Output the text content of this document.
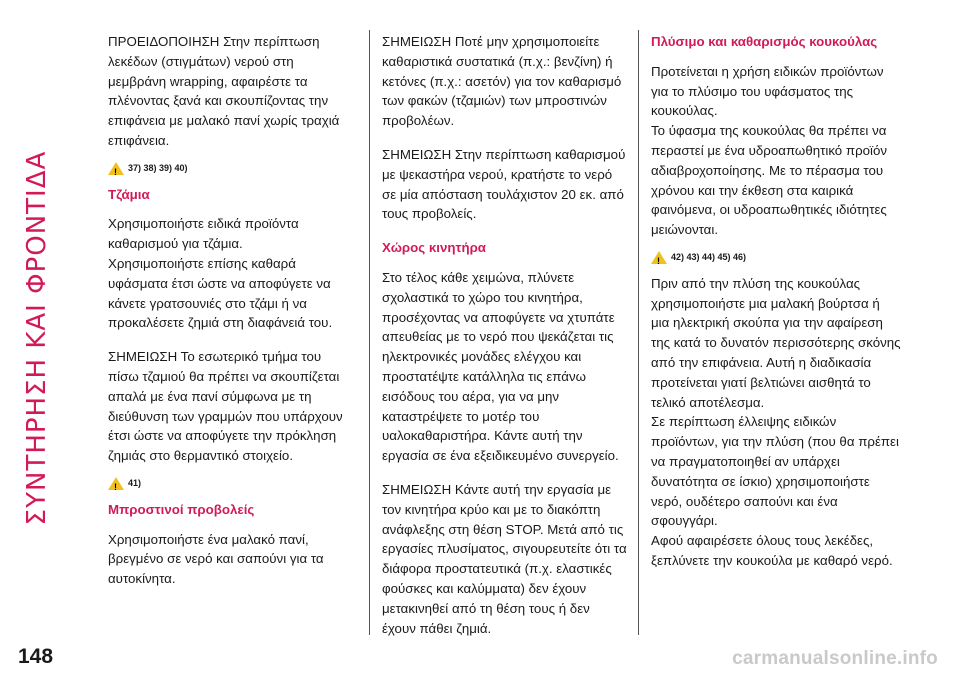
ΣΥΝΤΗΡΗΣΗ ΚΑΙ ΦΡΟΝΤΙΔΑ

ΠΡΟΕΙΔΟΠΟΙΗΣΗ Στην περίπτωση λεκέδων (στιγμάτων) νερού στη μεμβράνη wrapping, αφαιρέστε τα πλένοντας ξανά και σκουπίζοντας την επιφάνεια με μαλακό πανί χωρίς τραχιά επιφάνεια.

!
37) 38) 39) 40)
Τζάμια

Χρησιμοποιήστε ειδικά προϊόντα καθαρισμού για τζάμια.

Χρησιμοποιήστε επίσης καθαρά υφάσματα έτσι ώστε να αποφύγετε να κάνετε γρατσουνιές στο τζάμι ή να προκαλέσετε ζημιά στη διαφάνειά του.

ΣΗΜΕΙΩΣΗ Το εσωτερικό τμήμα του πίσω τζαμιού θα πρέπει να σκουπίζεται απαλά με ένα πανί σύμφωνα με τη διεύθυνση των γραμμών που υπάρχουν έτσι ώστε να αποφύγετε την πρόκληση ζημιάς στο θερμαντικό στοιχείο.

!
41)
Μπροστινοί προβολείς

Χρησιμοποιήστε ένα μαλακό πανί, βρεγμένο σε νερό και σαπούνι για τα αυτοκίνητα.

ΣΗΜΕΙΩΣΗ Ποτέ μην χρησιμοποιείτε καθαριστικά συστατικά (π.χ.: βενζίνη) ή κετόνες (π.χ.: ασετόν) για τον καθαρισμό των φακών (τζαμιών) των μπροστινών προβολέων.

ΣΗΜΕΙΩΣΗ Στην περίπτωση καθαρισμού με ψεκαστήρα νερού, κρατήστε το νερό σε μία απόσταση τουλάχιστον 20 εκ. από τους προβολείς.

Χώρος κινητήρα

Στο τέλος κάθε χειμώνα, πλύνετε σχολαστικά το χώρο του κινητήρα, προσέχοντας να αποφύγετε να χτυπάτε απευθείας με το νερό που ψεκάζεται τις ηλεκτρονικές μονάδες ελέγχου και προστατέψτε κατάλληλα τις επάνω εισόδους του αέρα, για να μην καταστρέψετε το μοτέρ του υαλοκαθαριστήρα. Κάντε αυτή την εργασία σε ένα εξειδικευμένο συνεργείο.

ΣΗΜΕΙΩΣΗ Κάντε αυτή την εργασία με τον κινητήρα κρύο και με το διακόπτη ανάφλεξης στη θέση STOP. Μετά από τις εργασίες πλυσίματος, σιγουρευτείτε ότι τα διάφορα προστατευτικά (π.χ. ελαστικές φούσκες και καλύμματα) δεν έχουν μετακινηθεί από τη θέση τους ή δεν έχουν πάθει ζημιά.

Πλύσιμο και καθαρισμός κουκούλας

Προτείνεται η χρήση ειδικών προϊόντων για το πλύσιμο του υφάσματος της κουκούλας.

Το ύφασμα της κουκούλας θα πρέπει να περαστεί με ένα υδροαπωθητικό προϊόν αδιαβροχοποίησης. Με το πέρασμα του χρόνου και την έκθεση στα καιρικά φαινόμενα, οι υδροαπωθητικές ιδιότητες μειώνονται.

!
42) 43) 44) 45) 46)

Πριν από την πλύση της κουκούλας χρησιμοποιήστε μια μαλακή βούρτσα ή μια ηλεκτρική σκούπα για την αφαίρεση της κατά το δυνατόν περισσότερης σκόνης από την επιφάνεια. Αυτή η διαδικασία προτείνεται γιατί βελτιώνει αισθητά το τελικό αποτέλεσμα.

Σε περίπτωση έλλειψης ειδικών προϊόντων, για την πλύση (που θα πρέπει να πραγματοποιηθεί αν υπάρχει δυνατότητα σε ίσκιο) χρησιμοποιήστε νερό, ουδέτερο σαπούνι και ένα σφουγγάρι.

Αφού αφαιρέσετε όλους τους λεκέδες, ξεπλύνετε την κουκούλα με καθαρό νερό.

148	carmanualsonline.info
